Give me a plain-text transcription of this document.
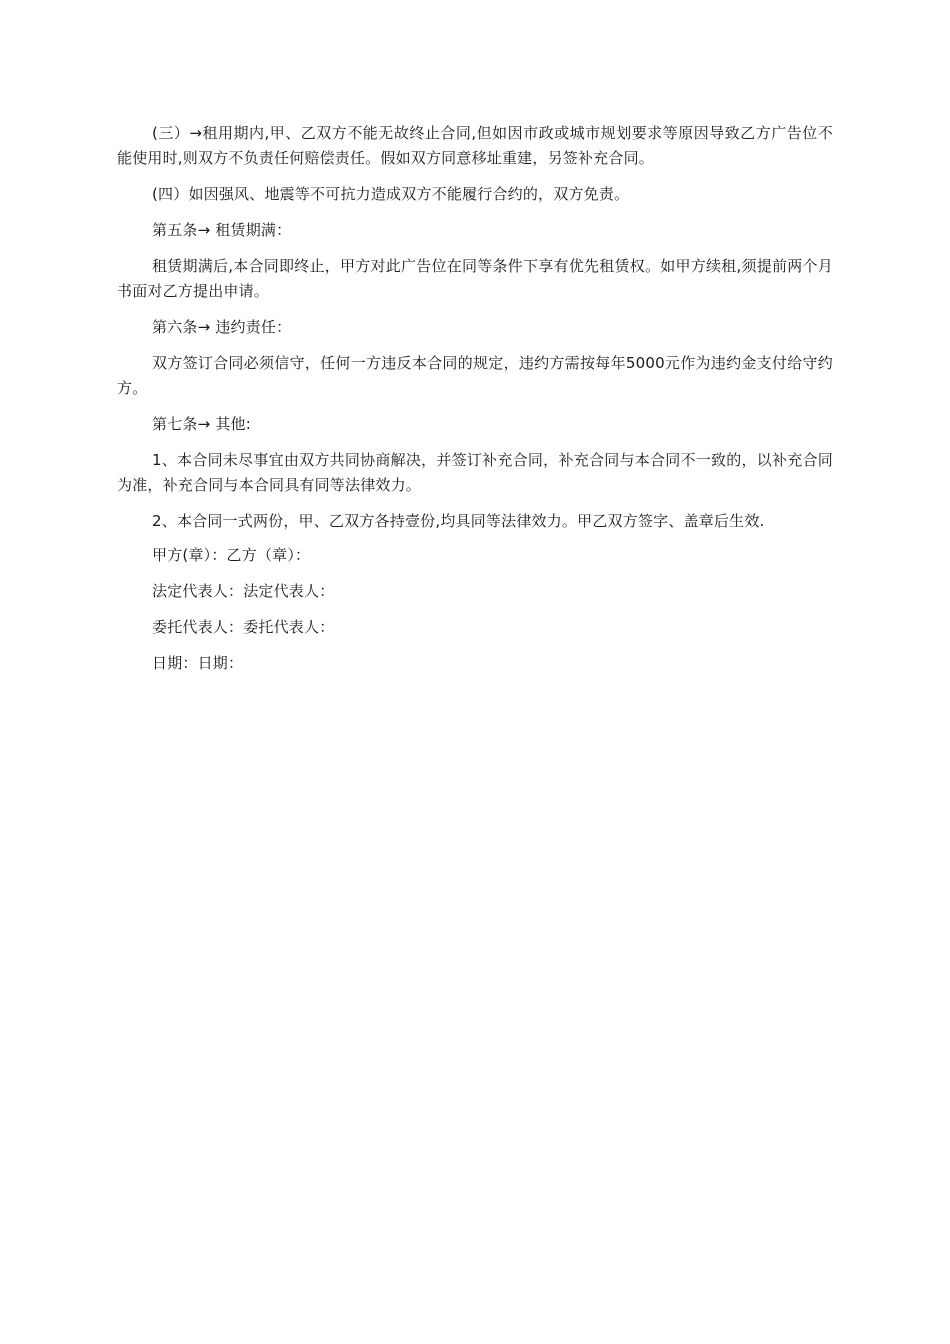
(三）→租用期内,甲、乙双方不能无故终止合同,但如因市政或城市规划要求等原因导致乙方广告位不能使用时,则双方不负责任何赔偿责任。假如双方同意移址重建，另签补充合同。

(四）如因强风、地震等不可抗力造成双方不能履行合约的，双方免责。

第五条→ 租赁期满：

租赁期满后,本合同即终止，甲方对此广告位在同等条件下享有优先租赁权。如甲方续租,须提前两个月书面对乙方提出申请。

第六条→ 违约责任：

双方签订合同必须信守，任何一方违反本合同的规定，违约方需按每年5000元作为违约金支付给守约方。

第七条→ 其他:

1、本合同未尽事宜由双方共同协商解决，并签订补充合同，补充合同与本合同不一致的，以补充合同为准，补充合同与本合同具有同等法律效力。

2、本合同一式两份，甲、乙双方各持壹份,均具同等法律效力。甲乙双方签字、盖章后生效.

甲方(章）：乙方（章）：

法定代表人：法定代表人：

委托代表人：委托代表人：

日期：日期：
